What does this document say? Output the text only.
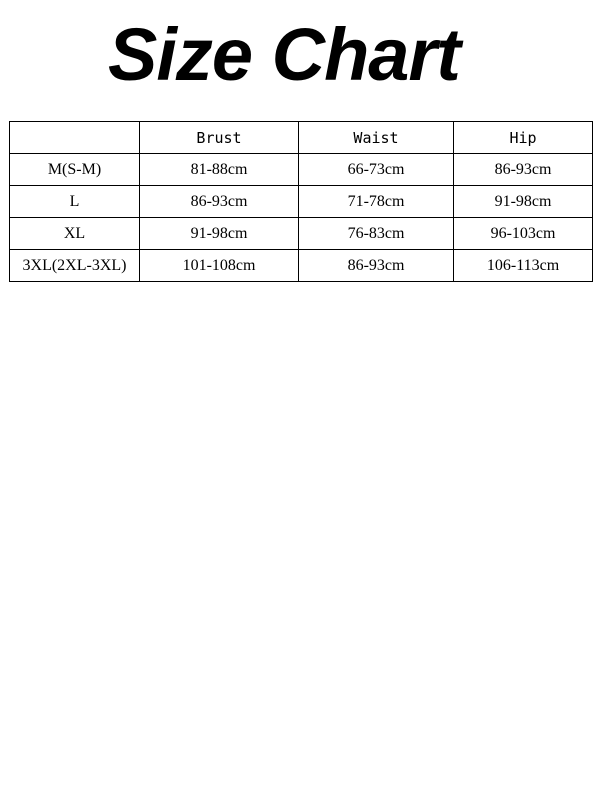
Size Chart
	Brust	Waist	Hip
M(S-M)	81-88cm	66-73cm	86-93cm
L	86-93cm	71-78cm	91-98cm
XL	91-98cm	76-83cm	96-103cm
3XL(2XL-3XL)	101-108cm	86-93cm	106-113cm
